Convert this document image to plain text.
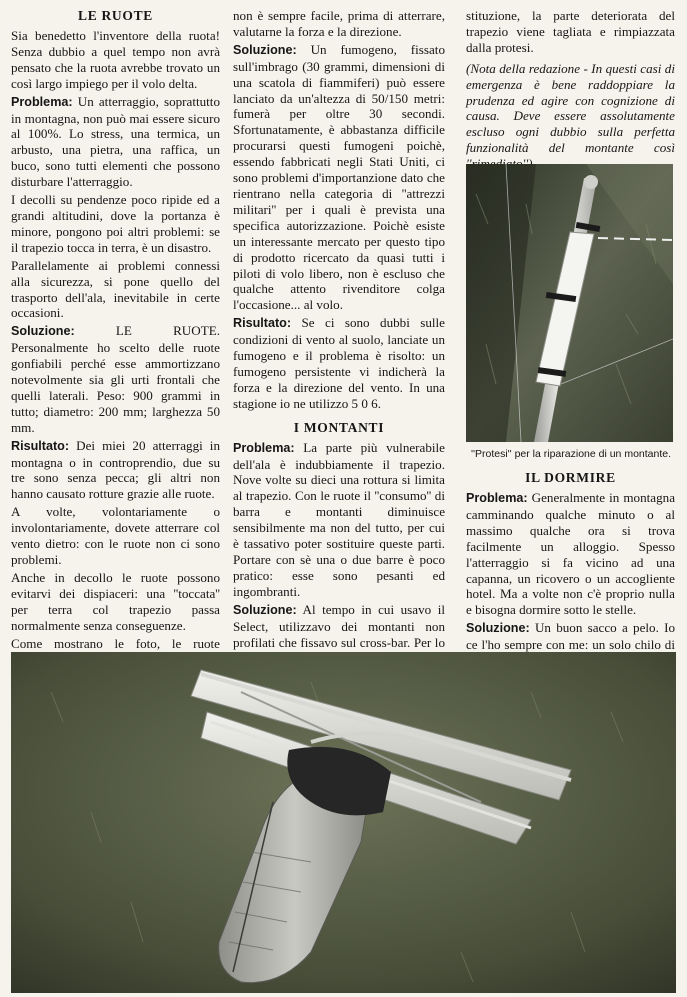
LE RUOTE

Sia benedetto l'inventore della ruota! Senza dubbio a quel tempo non avrà pensato che la ruota avrebbe trovato un così largo impiego per il volo delta.

Problema: Un atterraggio, soprattutto in montagna, non può mai essere sicuro al 100%. Lo stress, una termica, un arbusto, una pietra, una raffica, un buco, sono tutti elementi che possono disturbare l'atterraggio.

I decolli su pendenze poco ripide ed a grandi altitudini, dove la portanza è minore, pongono poi altri problemi: se il trapezio tocca in terra, è un disastro.

Parallelamente ai problemi connessi alla sicurezza, si pone quello del trasporto dell'ala, inevitabile in certe occasioni.

Soluzione:	LE RUOTE. Personalmente ho scelto delle ruote gonfiabili perché esse ammortizzano notevolmente sia gli urti frontali che quelli laterali. Peso: 900 grammi in tutto; diametro: 200 mm; larghezza 50 mm.

Risultato: Dei miei 20 atterraggi in montagna o in controprendio, due su tre sono senza pecca; gli altri non hanno causato rotture grazie alle ruote.

A volte, volontariamente o involontariamente, dovete atterrare col vento dietro: con le ruote non ci sono problemi.

Anche in decollo le ruote possono evitarvi dei dispiaceri: una ''toccata'' per terra col trapezio passa normalmente senza conseguenze.

Come mostrano le foto, le ruote

non è sempre facile, prima di atterrare, valutarne la forza e la direzione.

Soluzione: Un fumogeno, fissato sull'imbrago (30 grammi, dimensioni di una scatola di fiammiferi) può essere lanciato da un'altezza di 50/150 metri: fumerà per oltre 30 secondi. Sfortunatamente, è abbastanza difficile procurarsi questi fumogeni poichè, essendo fabbricati negli Stati Uniti, ci sono problemi d'importanzione dato che rientrano nella categoria di ''attrezzi militari'' per i quali è prevista una specifica autorizzazione. Poichè esiste un interessante mercato per questo tipo di prodotto ricercato da quasi tutti i piloti di volo libero, non è escluso che qualche attento rivenditore colga l'occasione... al volo.

Risultato: Se ci sono dubbi sulle condizioni di vento al suolo, lanciate un fumogeno e il problema è risolto: un fumogeno persistente vi indicherà la forza e la direzione del vento. In una stagione io ne utilizzo 5 0 6.

I MONTANTI

Problema: La parte più vulnerabile dell'ala è indubbiamente il trapezio. Nove volte su dieci una rottura si limita al trapezio. Con le ruote il ''consumo'' di barra e montanti diminuisce sensibilmente ma non del tutto, per cui è tassativo poter sostituire queste parti. Portare con sè una o due barre è poco pratico: esse sono pesanti ed ingombranti.

Soluzione: Al tempo in cui usavo il Select, utilizzavo dei montanti non profilati che fissavo sul cross-bar. Per lo

stituzione, la parte deteriorata del trapezio viene tagliata e rimpiazzata dalla protesi.

(Nota della redazione - In questi casi di emergenza è bene raddoppiare la prudenza ed agire con cognizione di causa. Deve essere assolutamente escluso ogni dubbio sulla perfetta funzionalità del montante così

''Protesi'' per la riparazione di un montante.
IL DORMIRE

Problema: Generalmente in montagna camminando qualche minuto o al massimo qualche ora si trova facilmente un alloggio. Spesso l'atterraggio si fa vicino ad una capanna, un ricovero o un accogliente hotel. Ma a volte non c'è proprio nulla e bisogna dormire sotto le stelle.

Soluzione: Un buon sacco a pelo. Io ce l'ho sempre con me: un solo chilo di
